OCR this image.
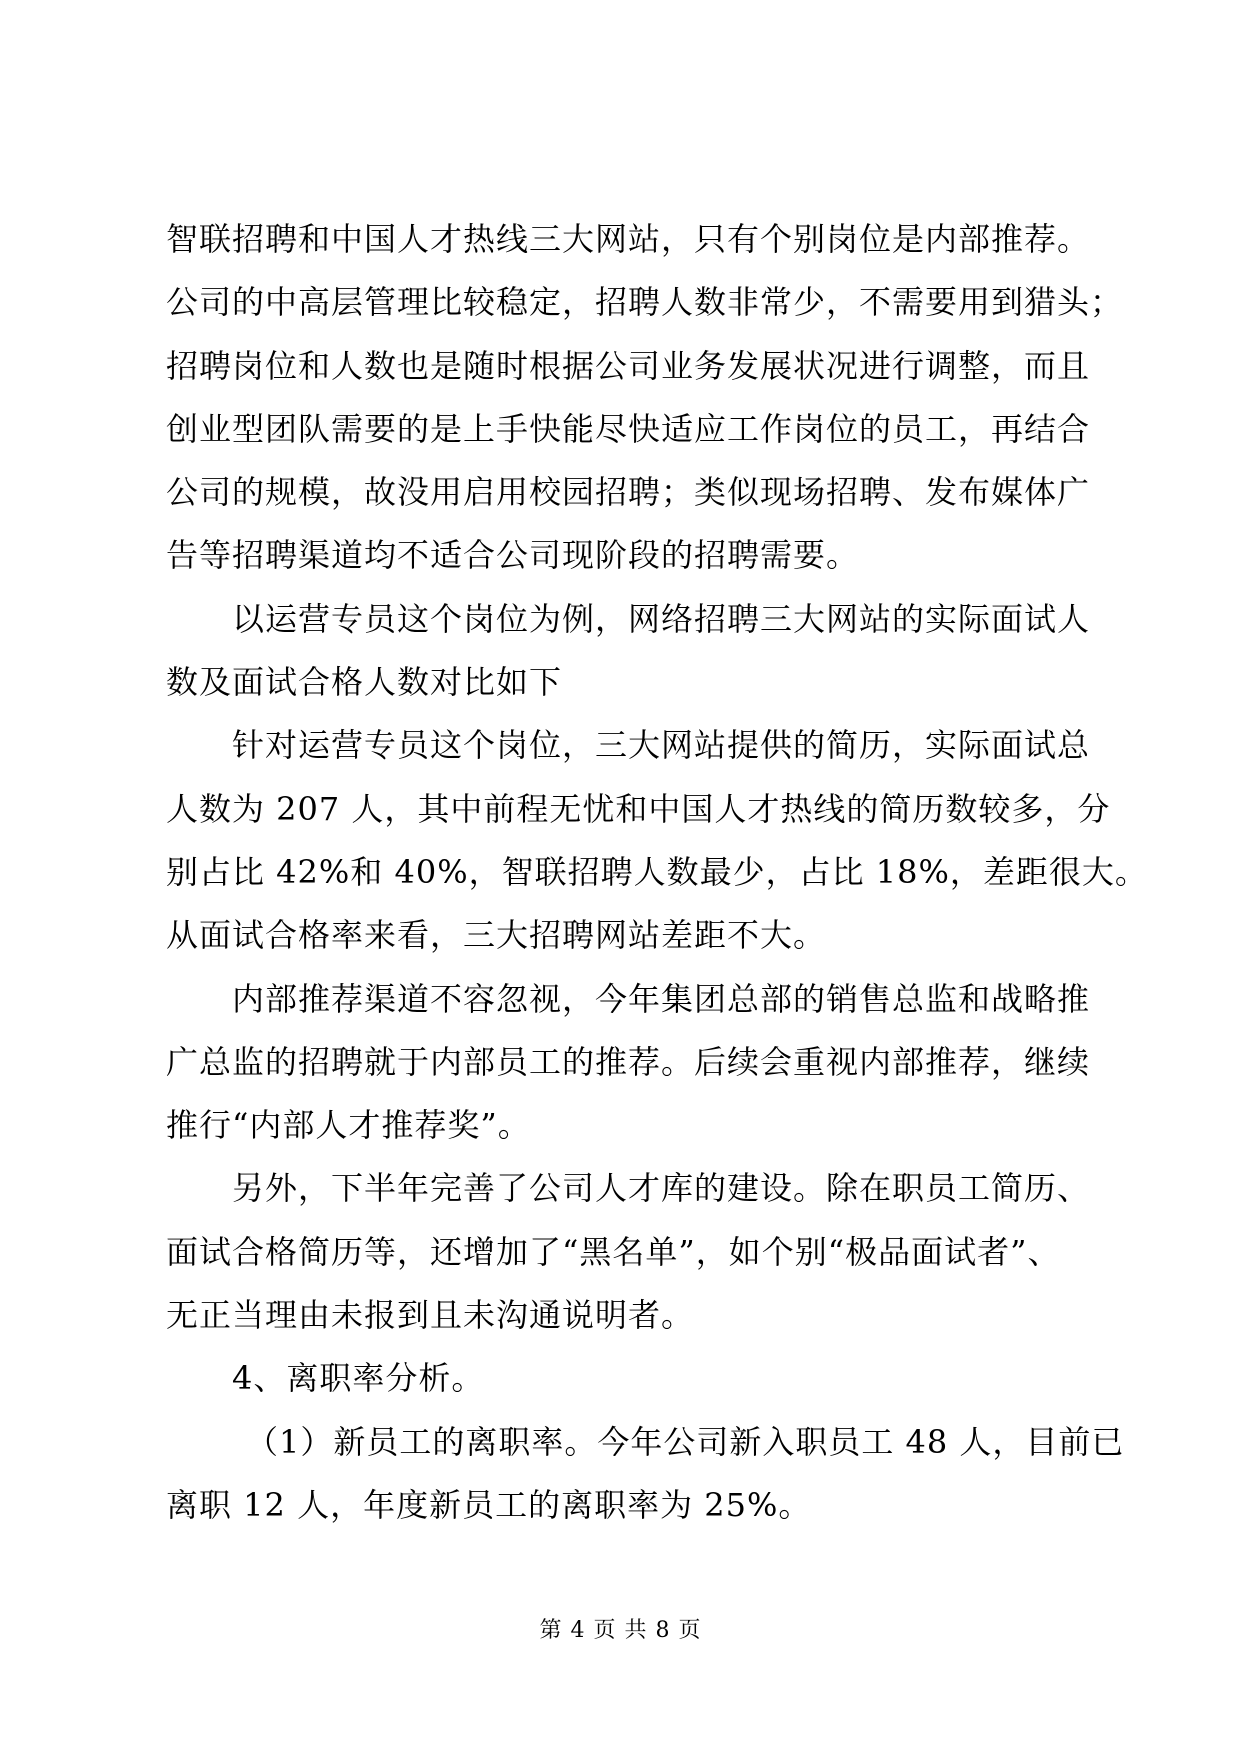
智联招聘和中国人才热线三大网站，只有个别岗位是内部推荐。
公司的中高层管理比较稳定，招聘人数非常少，不需要用到猎头；
招聘岗位和人数也是随时根据公司业务发展状况进行调整，而且
创业型团队需要的是上手快能尽快适应工作岗位的员工，再结合
公司的规模，故没用启用校园招聘；类似现场招聘、发布媒体广
告等招聘渠道均不适合公司现阶段的招聘需要。
以运营专员这个岗位为例，网络招聘三大网站的实际面试人
数及面试合格人数对比如下
针对运营专员这个岗位，三大网站提供的简历，实际面试总
人数为 207 人，其中前程无忧和中国人才热线的简历数较多，分
别占比 42%和 40%，智联招聘人数最少，占比 18%，差距很大。
从面试合格率来看，三大招聘网站差距不大。
内部推荐渠道不容忽视，今年集团总部的销售总监和战略推
广总监的招聘就于内部员工的推荐。后续会重视内部推荐，继续
推行“内部人才推荐奖”。
另外，下半年完善了公司人才库的建设。除在职员工简历、
面试合格简历等，还增加了“黑名单”，如个别“极品面试者”、
无正当理由未报到且未沟通说明者。
4、离职率分析。
（1）新员工的离职率。今年公司新入职员工 48 人，目前已
离职 12 人，年度新员工的离职率为 25%。
第 4 页 共 8 页
